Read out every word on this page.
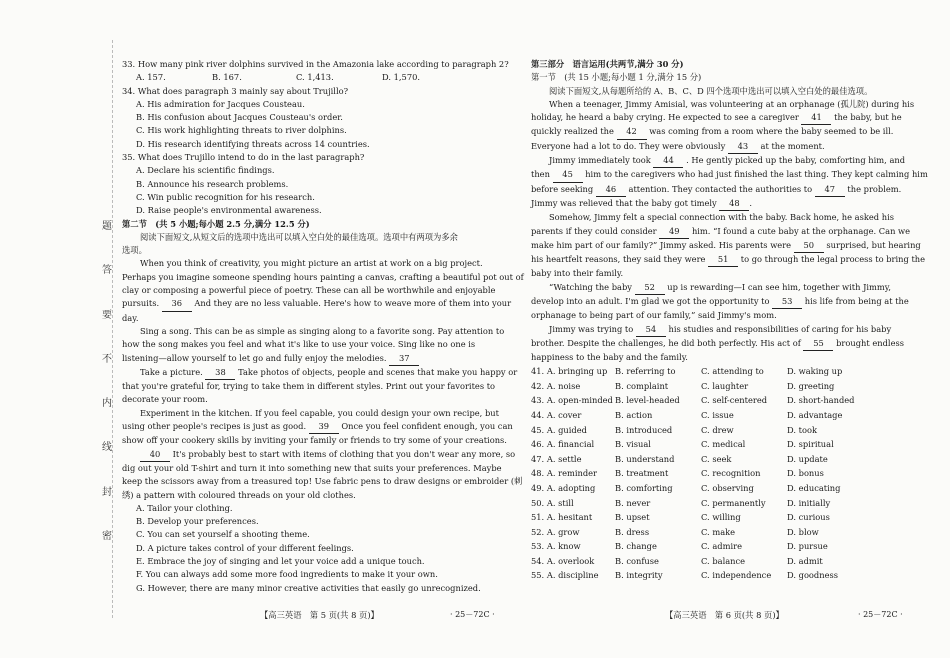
题
答
要
不
内
线
封
密
33. How many pink river dolphins survived in the Amazonia lake according to paragraph 2?
A. 157.	B. 167.	C. 1,413.	D. 1,570.
34. What does paragraph 3 mainly say about Trujillo?
A. His admiration for Jacques Cousteau.
B. His confusion about Jacques Cousteau's order.
C. His work highlighting threats to river dolphins.
D. His research identifying threats across 14 countries.
35. What does Trujillo intend to do in the last paragraph?
A. Declare his scientific findings.
B. Announce his research problems.
C. Win public recognition for his research.
D. Raise people's environmental awareness.
第二节　(共 5 小题;每小题 2.5 分,满分 12.5 分)
阅读下面短文,从短文后的选项中选出可以填入空白处的最佳选项。选项中有两项为多余
选项。
When you think of creativity, you might picture an artist at work on a big project.
Perhaps you imagine someone spending hours painting a canvas, crafting a beautiful pot out of
clay or composing a powerful piece of poetry. These can all be worthwhile and enjoyable
pursuits. 36 And they are no less valuable. Here's how to weave more of them into your
day.
Sing a song. This can be as simple as singing along to a favorite song. Pay attention to
how the song makes you feel and what it's like to use your voice. Sing like no one is
listening—allow yourself to let go and fully enjoy the melodies. 37
Take a picture. 38 Take photos of objects, people and scenes that make you happy or
that you're grateful for, trying to take them in different styles. Print out your favorites to
decorate your room.
Experiment in the kitchen. If you feel capable, you could design your own recipe, but
using other people's recipes is just as good. 39 Once you feel confident enough, you can
show off your cookery skills by inviting your family or friends to try some of your creations.
40 It's probably best to start with items of clothing that you don't wear any more, so
dig out your old T-shirt and turn it into something new that suits your preferences. Maybe
keep the scissors away from a treasured top! Use fabric pens to draw designs or embroider (刺
绣) a pattern with coloured threads on your old clothes.
A. Tailor your clothing.
B. Develop your preferences.
C. You can set yourself a shooting theme.
D. A picture takes control of your different feelings.
E. Embrace the joy of singing and let your voice add a unique touch.
F. You can always add some more food ingredients to make it your own.
G. However, there are many minor creative activities that easily go unrecognized.
【高三英语　第 5 页(共 8 页)】	· 25－72C ·
第三部分　语言运用(共两节,满分 30 分)
第一节　(共 15 小题;每小题 1 分,满分 15 分)
阅读下面短文,从每题所给的 A、B、C、D 四个选项中选出可以填入空白处的最佳选项。
When a teenager, Jimmy Amisial, was volunteering at an orphanage (孤儿院) during his
holiday, he heard a baby crying. He expected to see a caregiver 41 the baby, but he
quickly realized the 42 was coming from a room where the baby seemed to be ill.
Everyone had a lot to do. They were obviously 43 at the moment.
Jimmy immediately took 44 . He gently picked up the baby, comforting him, and
then 45 him to the caregivers who had just finished the last thing. They kept calming him
before seeking 46 attention. They contacted the authorities to 47 the problem.
Jimmy was relieved that the baby got timely 48 .
Somehow, Jimmy felt a special connection with the baby. Back home, he asked his
parents if they could consider 49 him. “I found a cute baby at the orphanage. Can we
make him part of our family?” Jimmy asked. His parents were 50 surprised, but hearing
his heartfelt reasons, they said they were 51 to go through the legal process to bring the
baby into their family.
“Watching the baby 52 up is rewarding—I can see him, together with Jimmy,
develop into an adult. I'm glad we got the opportunity to 53 his life from being at the
orphanage to being part of our family,” said Jimmy's mom.
Jimmy was trying to 54 his studies and responsibilities of caring for his baby
brother. Despite the challenges, he did both perfectly. His act of 55 brought endless
happiness to the baby and the family.
41. A. bringing up	B. referring to	C. attending to	D. waking up
42. A. noise	B. complaint	C. laughter	D. greeting
43. A. open-minded	B. level-headed	C. self-centered	D. short-handed
44. A. cover	B. action	C. issue	D. advantage
45. A. guided	B. introduced	C. drew	D. took
46. A. financial	B. visual	C. medical	D. spiritual
47. A. settle	B. understand	C. seek	D. update
48. A. reminder	B. treatment	C. recognition	D. bonus
49. A. adopting	B. comforting	C. observing	D. educating
50. A. still	B. never	C. permanently	D. initially
51. A. hesitant	B. upset	C. willing	D. curious
52. A. grow	B. dress	C. make	D. blow
53. A. know	B. change	C. admire	D. pursue
54. A. overlook	B. confuse	C. balance	D. admit
55. A. discipline	B. integrity	C. independence	D. goodness
【高三英语　第 6 页(共 8 页)】	· 25－72C ·
